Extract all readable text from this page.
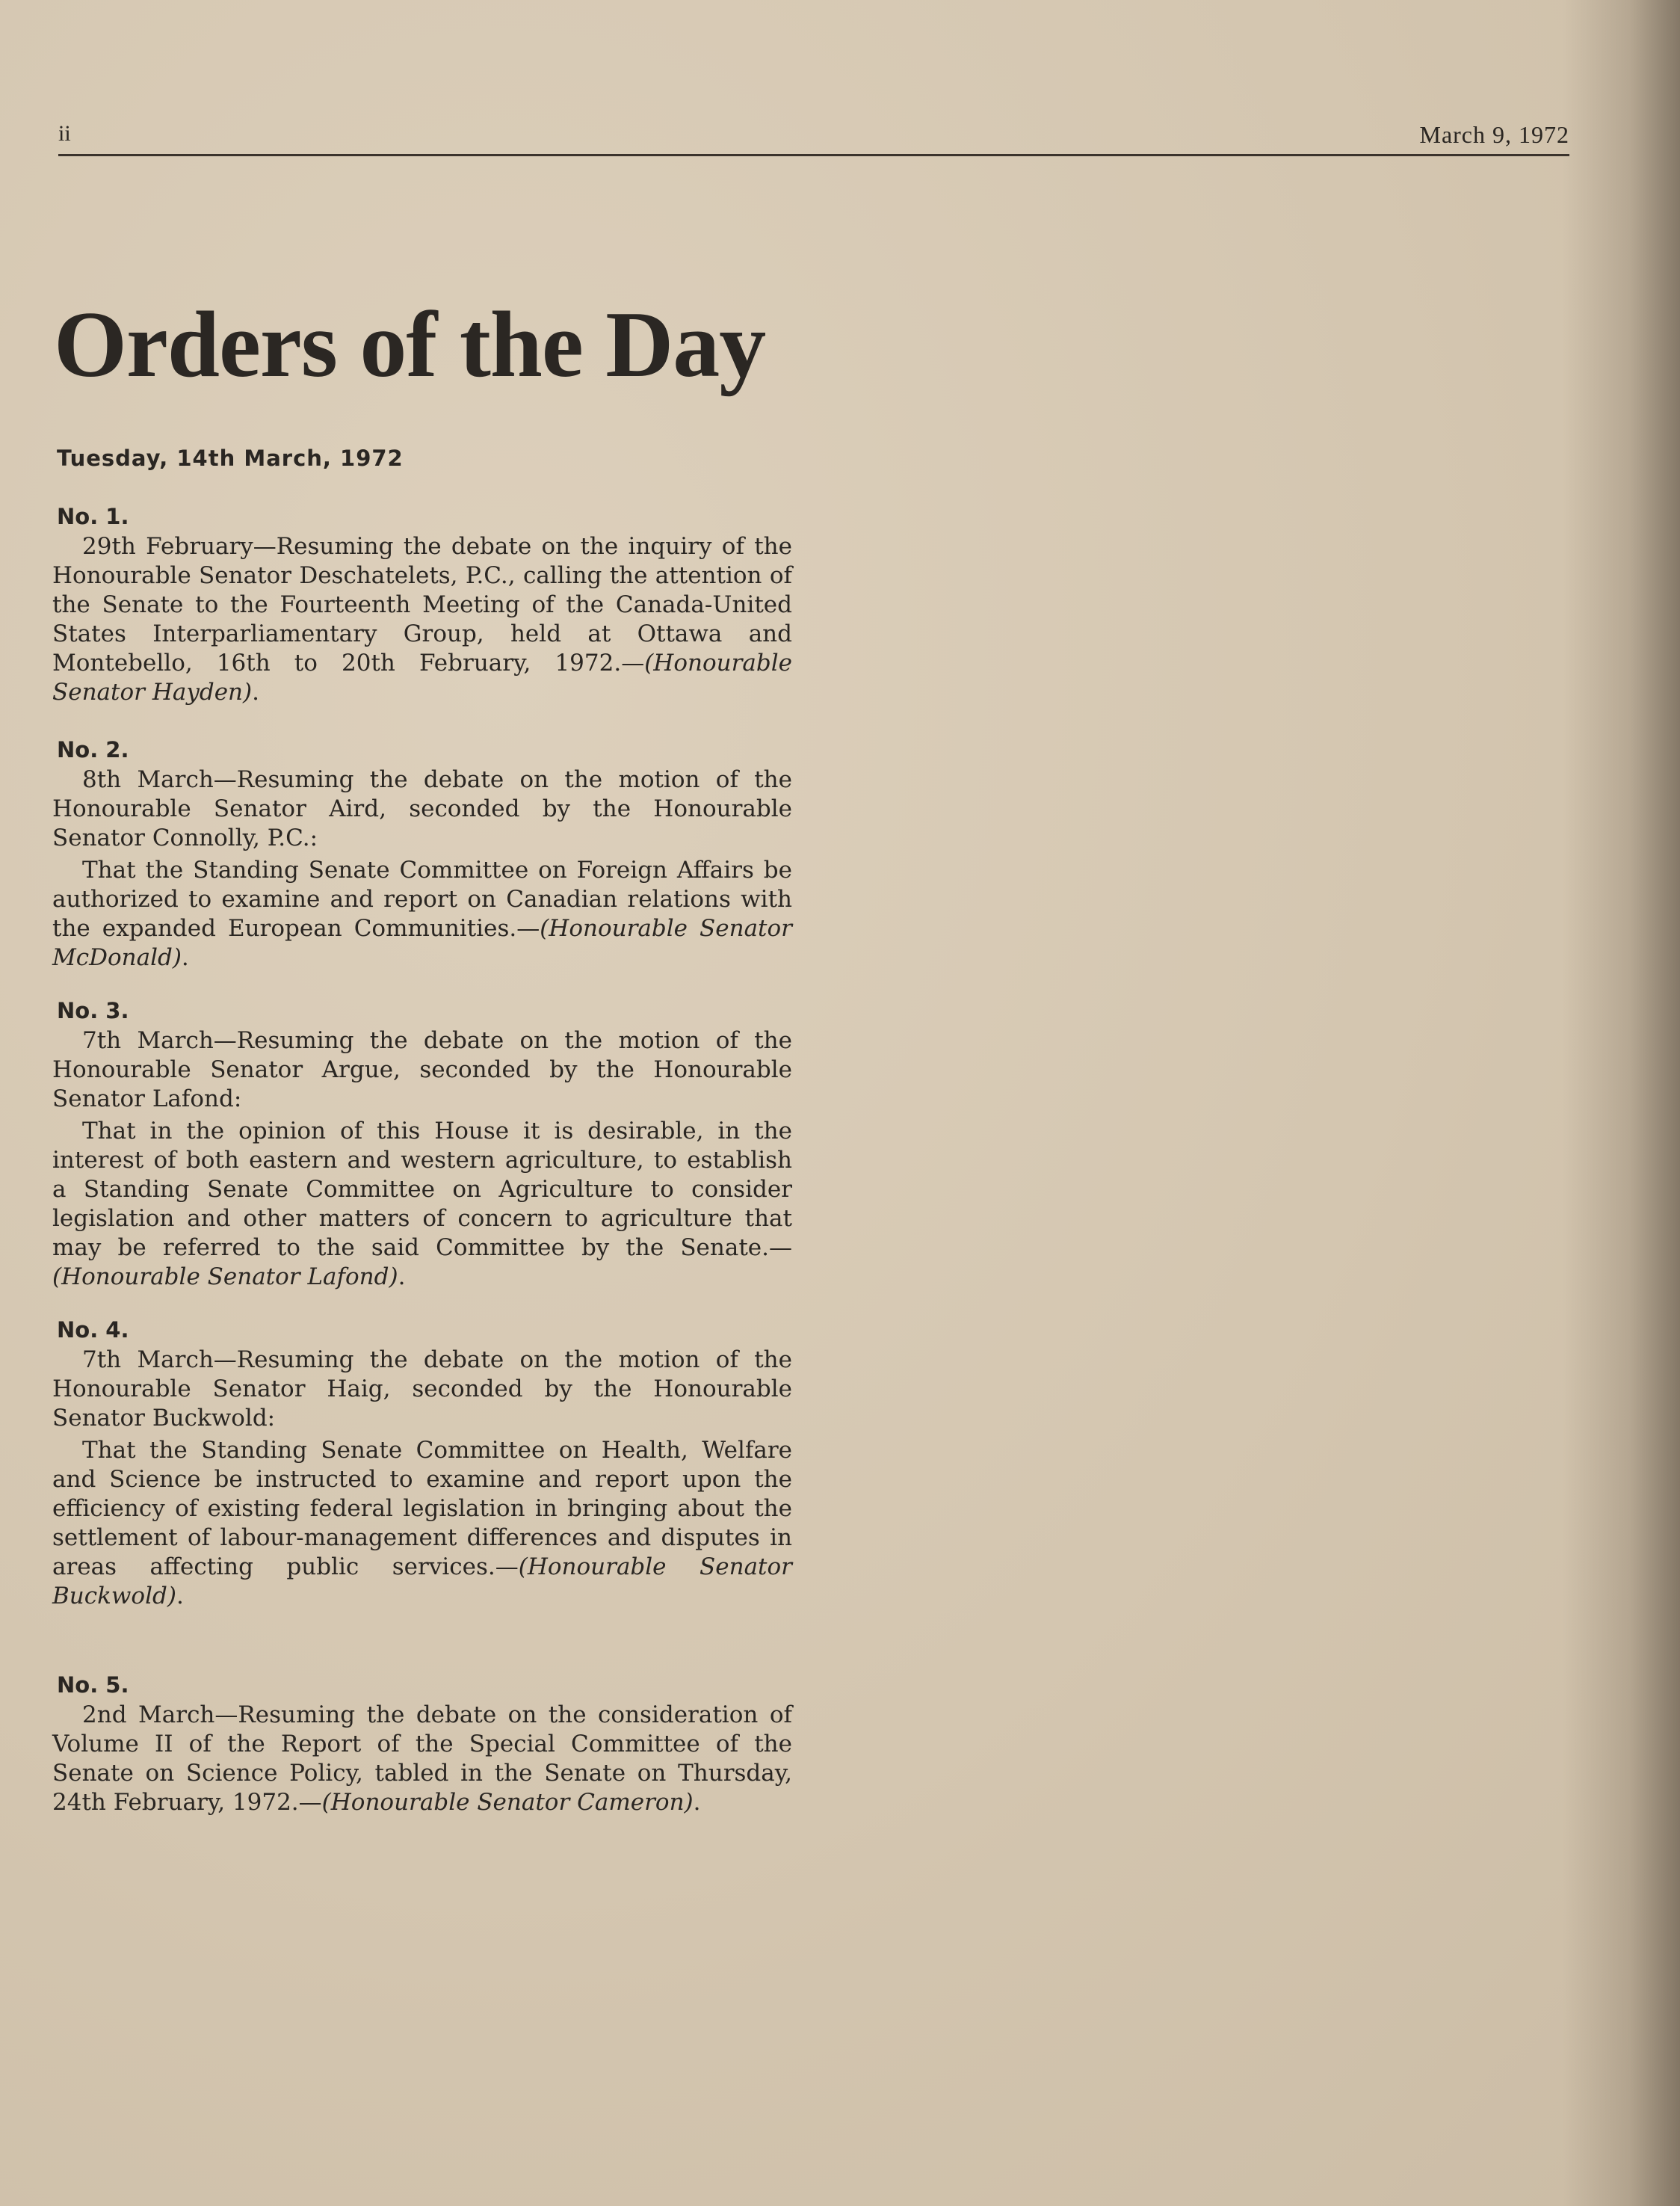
ii	March 9, 1972
Orders of the Day
Tuesday, 14th March, 1972
No. 1.

29th February—Resuming the debate on the inquiry of the Honourable Senator Deschatelets, P.C., calling the attention of the Senate to the Fourteenth Meeting of the Canada-United States Interparliamentary Group, held at Ottawa and Montebello, 16th to 20th February, 1972.—(Honourable Senator Hayden).

No. 2.

8th March—Resuming the debate on the motion of the Honourable Senator Aird, seconded by the Honourable Senator Connolly, P.C.:

That the Standing Senate Committee on Foreign Affairs be authorized to examine and report on Canadian relations with the expanded European Communities.—(Honourable Senator McDonald).

No. 3.

7th March—Resuming the debate on the motion of the Honourable Senator Argue, seconded by the Honourable Senator Lafond:

That in the opinion of this House it is desirable, in the interest of both eastern and western agriculture, to establish a Standing Senate Committee on Agriculture to consider legislation and other matters of concern to agriculture that may be referred to the said Committee by the Senate.—(Honourable Senator Lafond).

No. 4.

7th March—Resuming the debate on the motion of the Honourable Senator Haig, seconded by the Honourable Senator Buckwold:

That the Standing Senate Committee on Health, Welfare and Science be instructed to examine and report upon the efficiency of existing federal legislation in bringing about the settlement of labour-management differences and disputes in areas affecting public services.—(Honourable Senator Buckwold).

No. 5.

2nd March—Resuming the debate on the consideration of Volume II of the Report of the Special Committee of the Senate on Science Policy, tabled in the Senate on Thursday, 24th February, 1972.—(Honourable Senator Cameron).
